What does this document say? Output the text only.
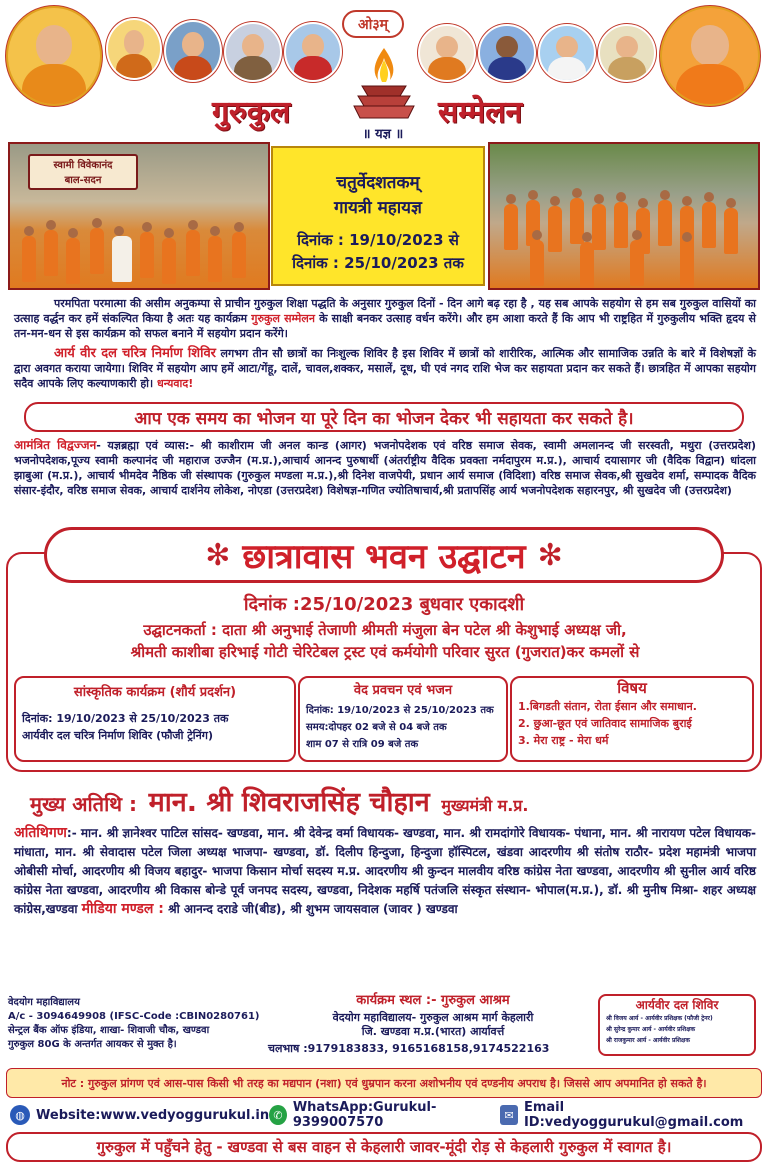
ओ३म्
गुरुकुल	सम्मेलन
॥ यज्ञ ॥
स्वामी विवेकानंद
बाल-सदन	चतुर्वेदशतकम्
गायत्री महायज्ञ
दिनांक : 19/10/2023 से
दिनांक : 25/10/2023 तक
परमपिता परमात्मा की असीम अनुकम्पा से प्राचीन गुरुकुल शिक्षा पद्धति के अनुसार गुरुकुल दिनों - दिन आगे बढ़ रहा है , यह सब आपके सहयोग से हम सब गुरुकुल वासियों का उत्साह वर्द्धन कर हमें संकल्पित किया है अतः यह कार्यक्रम गुरुकुल सम्मेलन के साक्षी बनकर उत्साह वर्धन करेंगे। और हम आशा करते हैं कि आप भी राष्ट्रहित में गुरुकुलीय भक्ति हृदय से तन-मन-धन से इस कार्यक्रम को सफल बनाने में सहयोग प्रदान करेंगे।
आर्य वीर दल चरित्र निर्माण शिविर लगभग तीन सौ छात्रों का निःशुल्क शिविर है इस शिविर में छात्रों को शारीरिक, आत्मिक और सामाजिक उन्नति के बारे में विशेषज्ञों के द्वारा अवगत कराया जायेगा। शिविर में सहयोग आप हमें आटा/गेंहू, दालें, चावल,शक्कर, मसालें, दूध, घी एवं नगद राशि भेज कर सहायता प्रदान कर सकते हैं। छात्रहित में आपका सहयोग सदैव आपके लिए कल्याणकारी हो। धन्यवाद!
आप एक समय का भोजन या पूरे दिन का भोजन देकर भी सहायता कर सकते है।
आमंत्रित विद्वज्जन- यज्ञब्रह्मा एवं व्यास:- श्री काशीराम जी अनल कान्ड (आगर) भजनोपदेशक एवं वरिष्ठ समाज सेवक, स्वामी अमलानन्द जी सरस्वती, मथुरा (उत्तरप्रदेश) भजनोपदेशक,पूज्य स्वामी कल्पानंद जी महाराज उज्जैन (म.प्र.),आचार्य आनन्द पुरुषार्थी (अंतर्राष्ट्रीय वैदिक प्रवक्ता नर्मदापुरम म.प्र.), आचार्य दयासागर जी (वैदिक विद्वान) धांदला झाबुआ (म.प्र.), आचार्य भीमदेव नैष्ठिक जी संस्थापक (गुरुकुल मण्डला म.प्र.),श्री दिनेश वाजपेयी, प्रधान आर्य समाज (विदिशा) वरिष्ठ समाज सेवक,श्री सुखदेव शर्मा, सम्पादक वैदिक संसार-इंदौर, वरिष्ठ समाज सेवक, आचार्य दार्शनेय लोकेश, नोएडा (उत्तरप्रदेश) विशेषज्ञ-गणित ज्योतिषाचार्य,श्री प्रतापसिंह आर्य भजनोपदेशक सहारनपुर, श्री सुखदेव जी (उत्तरप्रदेश)
✻ छात्रावास भवन उद्घाटन ✻
दिनांक :25/10/2023 बुधवार एकादशी
उद्घाटनकर्ता : दाता श्री अनुभाई तेजाणी श्रीमती मंजुला बेन पटेल श्री केशुभाई अध्यक्ष जी,
श्रीमती काशीबा हरिभाई गोटी चेरिटेबल ट्रस्ट एवं कर्मयोगी परिवार सुरत (गुजरात)कर कमलों से
सांस्कृतिक कार्यक्रम (शौर्य प्रदर्शन)
दिनांक: 19/10/2023 से 25/10/2023 तक
आर्यवीर दल चरित्र निर्माण शिविर (फौजी ट्रेनिंग)
वेद प्रवचन एवं भजन
दिनांक: 19/10/2023 से 25/10/2023 तक
समय:दोपहर 02 बजे से 04 बजे तक
शाम 07 से रात्रि 09 बजे तक
विषय
1.बिगडती संतान, रोता ईसान और समाधान.
2. छुआ-छूत एवं जातिवाद सामाजिक बुराई
3. मेरा राष्ट्र - मेरा धर्म
मुख्य अतिथि : मान. श्री शिवराजसिंह चौहान मुख्यमंत्री म.प्र.
अतिथिगण:- मान. श्री ज्ञानेश्वर पाटिल सांसद- खण्डवा, मान. श्री देवेन्द्र वर्मा विधायक- खण्डवा, मान. श्री रामदांगोरे विधायक- पंधाना, मान. श्री नारायण पटेल विधायक-मांधाता, मान. श्री सेवादास पटेल जिला अध्यक्ष भाजपा- खण्डवा, डॉ. दिलीप हिन्दुजा, हिन्दुजा हॉस्पिटल, खंडवा आदरणीय श्री संतोष राठौर- प्रदेश महामंत्री भाजपा ओबीसी मोर्चा, आदरणीय श्री विजय बहादुर- भाजपा किसान मोर्चा सदस्य म.प्र. आदरणीय श्री कुन्दन मालवीय वरिष्ठ कांग्रेस नेता खण्डवा, आदरणीय श्री सुनील आर्य वरिष्ठ कांग्रेस नेता खण्डवा, आदरणीय श्री विकास बोन्डे पूर्व जनपद सदस्य, खण्डवा, निदेशक महर्षि पतंजलि संस्कृत संस्थान- भोपाल(म.प्र.), डॉ. श्री मुनीष मिश्रा- शहर अध्यक्ष कांग्रेस,खण्डवा मीडिया मण्डल : श्री आनन्द दराडे जी(बीड), श्री शुभम जायसवाल (जावर ) खण्डवा
वेदयोग महाविद्यालय
A/c - 3094649908 (IFSC-Code :CBIN0280761)
सेन्ट्रल बैंक ऑफ इंडिया, शाखा- शिवाजी चौक, खण्डवा
गुरुकुल 80G के अन्तर्गत आयकर से मुक्त है।
कार्यक्रम स्थल :- गुरुकुल आश्रम
वेदयोग महाविद्यालय- गुरुकुल आश्रम मार्ग केहलारी
जि. खण्डवा म.प्र.(भारत) आर्यावर्त्त
चलभाष :9179183833, 9165168158,9174522163
आर्यवीर दल शिविर
श्री विजय आर्य - आर्यवीर प्रशिक्षक (फौजी ट्रेनर)
श्री सुरेन्द्र कुमार आर्य - आर्यवीर प्रशिक्षक
श्री राजकुमार आर्य - आर्यवीर प्रशिक्षक
नोट : गुरुकुल प्रांगण एवं आस-पास किसी भी तरह का मद्यपान (नशा) एवं धुम्रपान करना अशोभनीय एवं दण्डनीय अपराध है। जिससे आप अपमानित हो सकते है।
◍ Website:www.vedyoggurukul.in ✆ WhatsApp:Gurukul-9399007570	✉ Email ID:vedyoggurukul@gmail.com
गुरुकुल में पहुँचने हेतु - खण्डवा से बस वाहन से केहलारी जावर-मूंदी रोड़ से केहलारी गुरुकुल में स्वागत है।
